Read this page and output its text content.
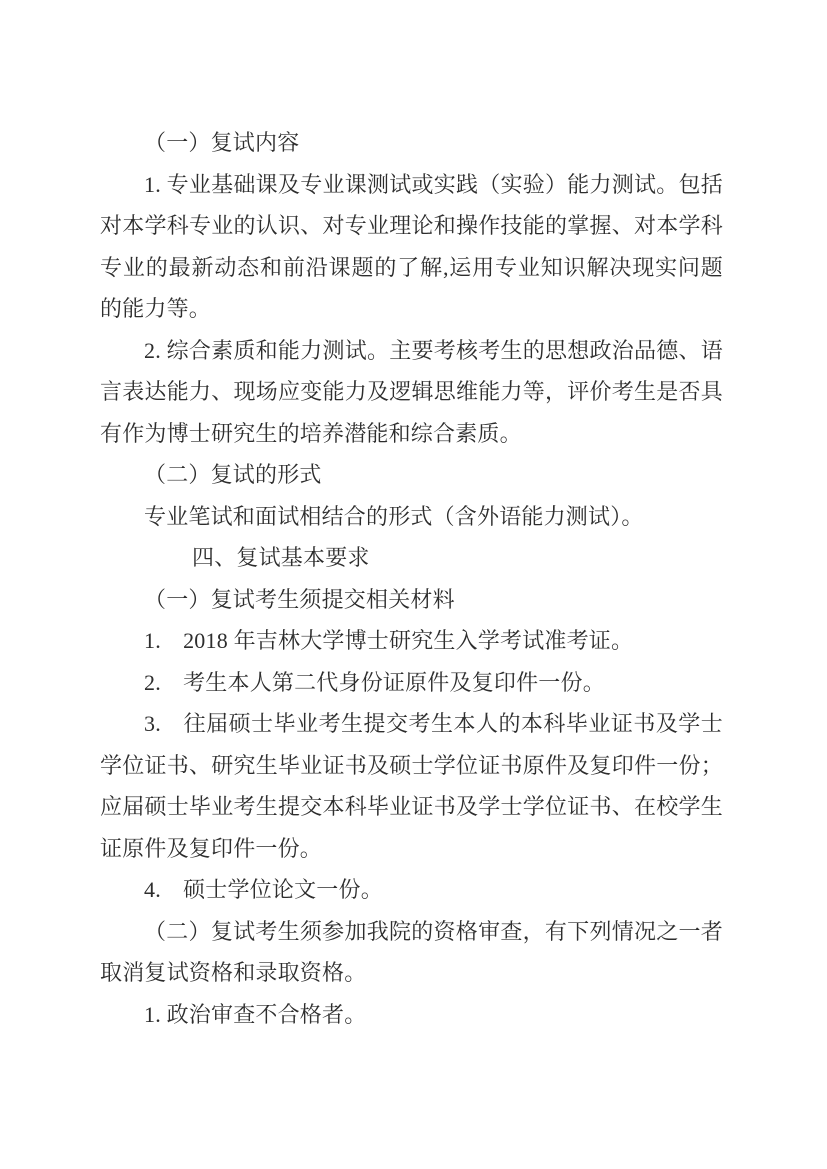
（一）复试内容

1. 专业基础课及专业课测试或实践（实验）能力测试。包括对本学科专业的认识、对专业理论和操作技能的掌握、对本学科专业的最新动态和前沿课题的了解,运用专业知识解决现实问题的能力等。

2. 综合素质和能力测试。主要考核考生的思想政治品德、语言表达能力、现场应变能力及逻辑思维能力等，评价考生是否具有作为博士研究生的培养潜能和综合素质。

（二）复试的形式

专业笔试和面试相结合的形式（含外语能力测试）。

四、复试基本要求

（一）复试考生须提交相关材料

1.　2018 年吉林大学博士研究生入学考试准考证。

2.　考生本人第二代身份证原件及复印件一份。

3.　往届硕士毕业考生提交考生本人的本科毕业证书及学士学位证书、研究生毕业证书及硕士学位证书原件及复印件一份；应届硕士毕业考生提交本科毕业证书及学士学位证书、在校学生证原件及复印件一份。

4.　硕士学位论文一份。

（二）复试考生须参加我院的资格审查，有下列情况之一者取消复试资格和录取资格。

1. 政治审查不合格者。
